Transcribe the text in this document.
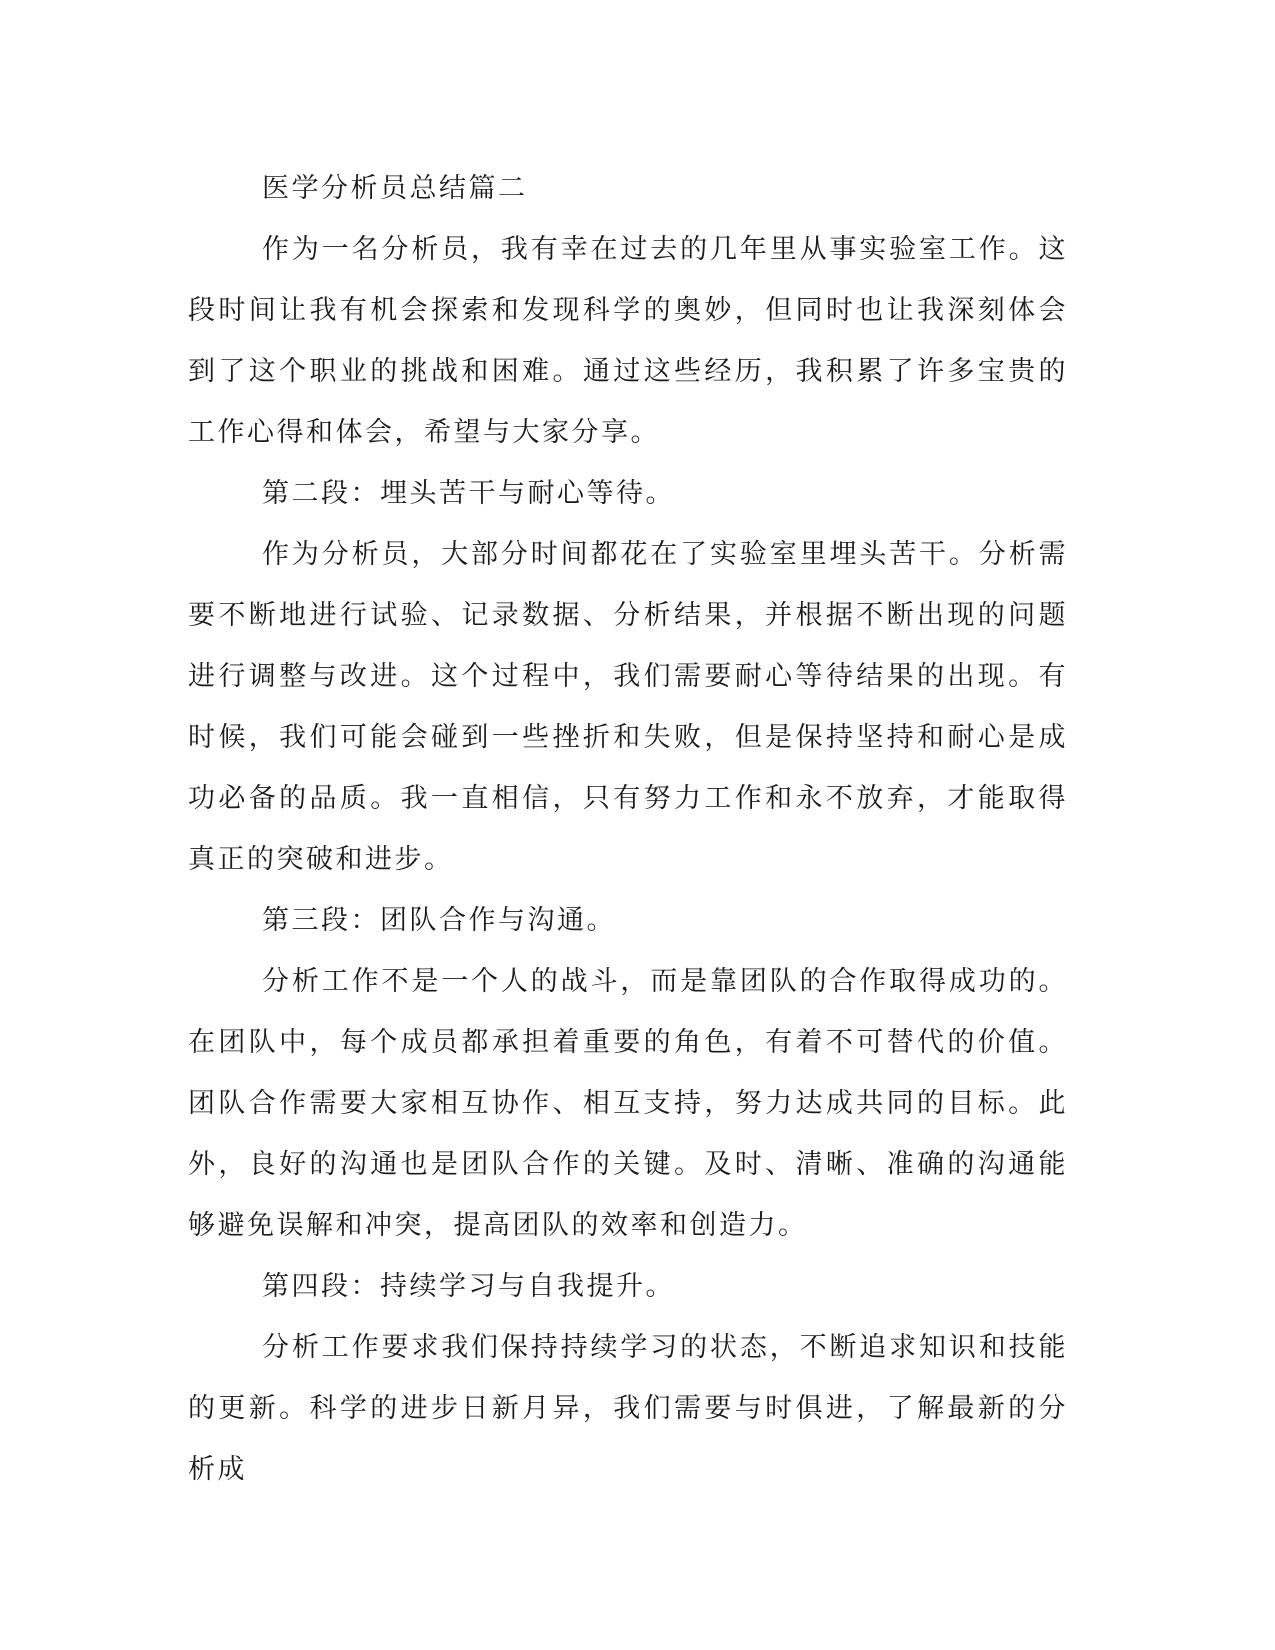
医学分析员总结篇二

作为一名分析员，我有幸在过去的几年里从事实验室工作。这段时间让我有机会探索和发现科学的奥妙，但同时也让我深刻体会到了这个职业的挑战和困难。通过这些经历，我积累了许多宝贵的工作心得和体会，希望与大家分享。

第二段：埋头苦干与耐心等待。

作为分析员，大部分时间都花在了实验室里埋头苦干。分析需要不断地进行试验、记录数据、分析结果，并根据不断出现的问题进行调整与改进。这个过程中，我们需要耐心等待结果的出现。有时候，我们可能会碰到一些挫折和失败，但是保持坚持和耐心是成功必备的品质。我一直相信，只有努力工作和永不放弃，才能取得真正的突破和进步。

第三段：团队合作与沟通。

分析工作不是一个人的战斗，而是靠团队的合作取得成功的。在团队中，每个成员都承担着重要的角色，有着不可替代的价值。团队合作需要大家相互协作、相互支持，努力达成共同的目标。此外，良好的沟通也是团队合作的关键。及时、清晰、准确的沟通能够避免误解和冲突，提高团队的效率和创造力。

第四段：持续学习与自我提升。

分析工作要求我们保持持续学习的状态，不断追求知识和技能的更新。科学的进步日新月异，我们需要与时俱进，了解最新的分析成
